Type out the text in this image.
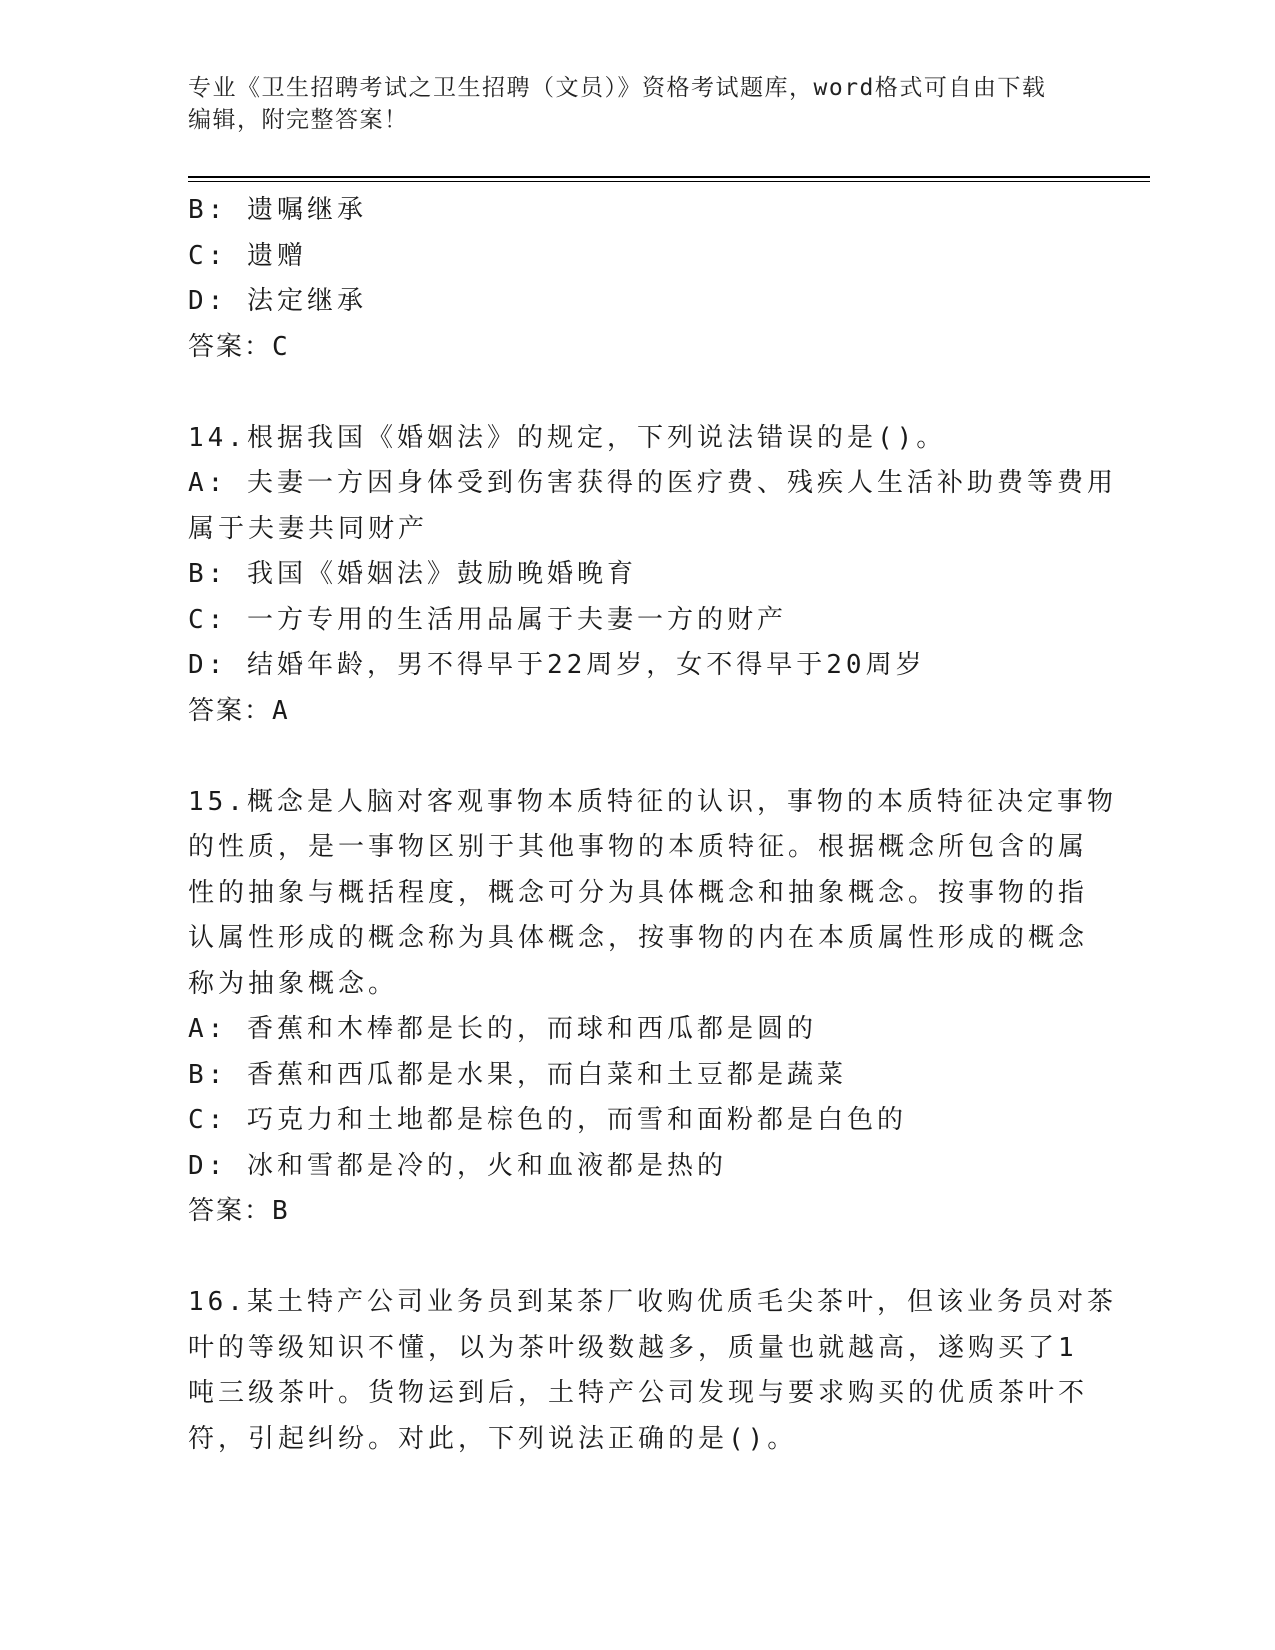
专业《卫生招聘考试之卫生招聘（文员）》资格考试题库，word格式可自由下载
编辑，附完整答案！
B: 遗嘱继承
C: 遗赠
D: 法定继承
答案：C
14.根据我国《婚姻法》的规定，下列说法错误的是()。
A: 夫妻一方因身体受到伤害获得的医疗费、残疾人生活补助费等费用
属于夫妻共同财产
B: 我国《婚姻法》鼓励晚婚晚育
C: 一方专用的生活用品属于夫妻一方的财产
D: 结婚年龄，男不得早于22周岁，女不得早于20周岁
答案：A
15.概念是人脑对客观事物本质特征的认识，事物的本质特征决定事物
的性质，是一事物区别于其他事物的本质特征。根据概念所包含的属
性的抽象与概括程度，概念可分为具体概念和抽象概念。按事物的指
认属性形成的概念称为具体概念，按事物的内在本质属性形成的概念
称为抽象概念。
A: 香蕉和木棒都是长的，而球和西瓜都是圆的
B: 香蕉和西瓜都是水果，而白菜和土豆都是蔬菜
C: 巧克力和土地都是棕色的，而雪和面粉都是白色的
D: 冰和雪都是冷的，火和血液都是热的
答案：B
16.某土特产公司业务员到某茶厂收购优质毛尖茶叶，但该业务员对茶
叶的等级知识不懂，以为茶叶级数越多，质量也就越高，遂购买了1
吨三级茶叶。货物运到后，土特产公司发现与要求购买的优质茶叶不
符，引起纠纷。对此，下列说法正确的是()。
